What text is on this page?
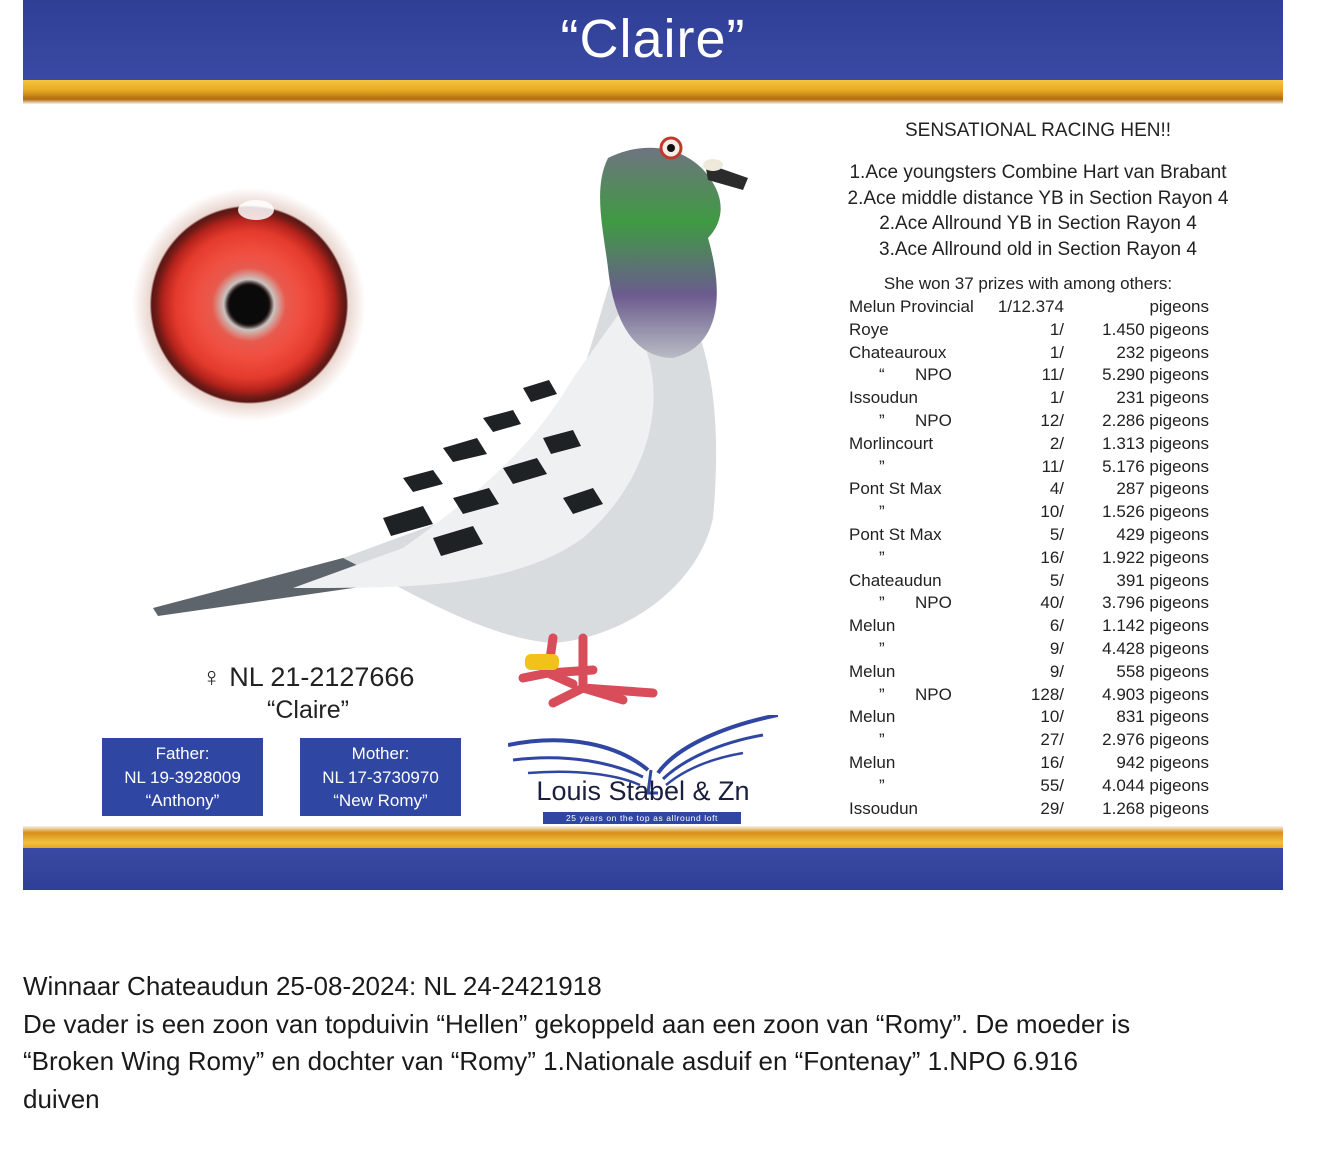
“Claire”
♀ NL 21-2127666
“Claire”
Father:
NL 19-3928009
“Anthony”
Mother:
NL 17-3730970
“New Romy”	Louis Stabel & Zn
25 years on the top as allround loft
SENSATIONAL RACING HEN!!
1.Ace youngsters Combine Hart van Brabant
2.Ace middle distance YB in Section Rayon 4
2.Ace Allround YB in Section Rayon 4
3.Ace Allround old in Section Rayon 4
She won 37 prizes with among others:
Melun Provincial 1/12.374	pigeons
Roye	1/ 1.450 pigeons
Chateauroux	1/	232 pigeons
“ NPO	11/ 5.290 pigeons
Issoudun	1/	231 pigeons
” NPO	12/ 2.286 pigeons
Morlincourt	2/ 1.313 pigeons
”	11/ 5.176 pigeons
Pont St Max	4/	287 pigeons
”	10/ 1.526 pigeons
Pont St Max	5/	429 pigeons
”	16/ 1.922 pigeons
Chateaudun	5/	391 pigeons
” NPO	40/ 3.796 pigeons
Melun	6/ 1.142 pigeons
”	9/ 4.428 pigeons
Melun	9/	558 pigeons
” NPO	128/ 4.903 pigeons
Melun	10/	831 pigeons
”	27/ 2.976 pigeons
Melun	16/	942 pigeons
”	55/ 4.044 pigeons
Issoudun	29/ 1.268 pigeons
Winnaar Chateaudun 25-08-2024: NL 24-2421918
De vader is een zoon van topduivin “Hellen” gekoppeld aan een zoon van “Romy”. De moeder is
“Broken Wing Romy” en dochter van “Romy” 1.Nationale asduif en “Fontenay” 1.NPO 6.916
duiven
